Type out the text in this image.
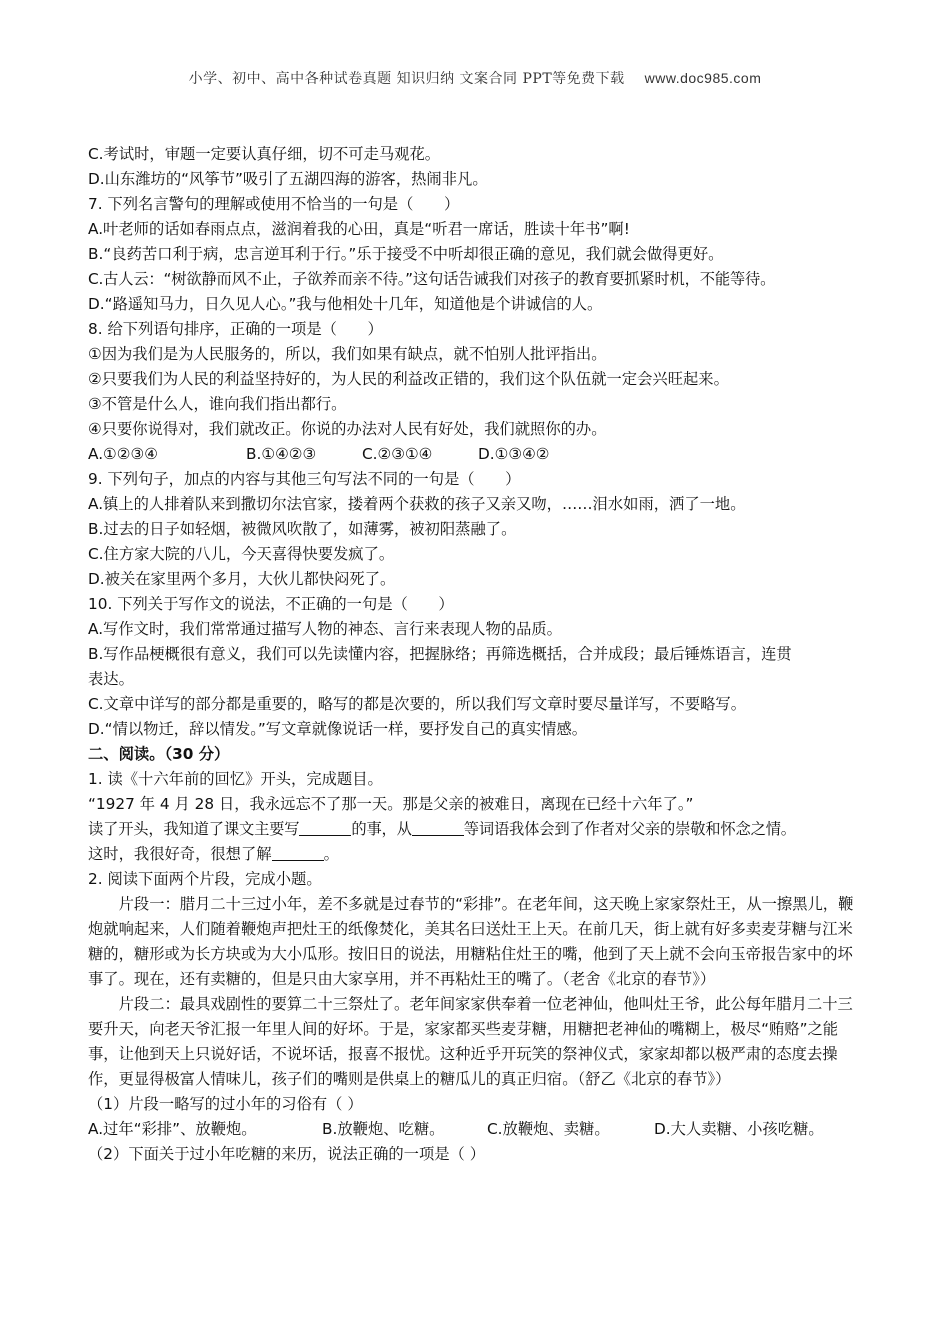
小学、初中、高中各种试卷真题 知识归纳 文案合同 PPT等免费下载 www.doc985.com
C.考试时，审题一定要认真仔细，切不可走马观花。
D.山东潍坊的“风筝节”吸引了五湖四海的游客，热闹非凡。
7. 下列名言警句的理解或使用不恰当的一句是（　　）
A.叶老师的话如春雨点点，滋润着我的心田，真是“听君一席话，胜读十年书”啊!
B.“良药苦口利于病，忠言逆耳利于行。”乐于接受不中听却很正确的意见，我们就会做得更好。
C.古人云：“树欲静而风不止，子欲养而亲不待。”这句话告诫我们对孩子的教育要抓紧时机，不能等待。
D.“路遥知马力，日久见人心。”我与他相处十几年，知道他是个讲诚信的人。
8. 给下列语句排序，正确的一项是（　　）
①因为我们是为人民服务的，所以，我们如果有缺点，就不怕别人批评指出。
②只要我们为人民的利益坚持好的，为人民的利益改正错的，我们这个队伍就一定会兴旺起来。
③不管是什么人，谁向我们指出都行。
④只要你说得对，我们就改正。你说的办法对人民有好处，我们就照你的办。
A.①②③④	B.①④②③	C.②③①④	D.①③④②
9. 下列句子，加点的内容与其他三句写法不同的一句是（　　）
A.镇上的人排着队来到撒切尔法官家，搂着两个获救的孩子又亲又吻，……泪水如雨，洒了一地。
B.过去的日子如轻烟，被微风吹散了，如薄雾，被初阳蒸融了。
C.住方家大院的八儿，今天喜得快要发疯了。
D.被关在家里两个多月，大伙儿都快闷死了。
10. 下列关于写作文的说法，不正确的一句是（　　）
A.写作文时，我们常常通过描写人物的神态、言行来表现人物的品质。
B.写作品梗概很有意义，我们可以先读懂内容，把握脉络；再筛选概括，合并成段；最后锤炼语言，连贯
表达。
C.文章中详写的部分都是重要的，略写的都是次要的，所以我们写文章时要尽量详写，不要略写。
D.“情以物迁，辞以情发。”写文章就像说话一样，要抒发自己的真实情感。
二、阅读。（30 分）
1. 读《十六年前的回忆》开头，完成题目。
“1927 年 4 月 28 日，我永远忘不了那一天。那是父亲的被难日，离现在已经十六年了。”
读了开头，我知道了课文主要写	的事，从	等词语我体会到了作者对父亲的崇敬和怀念之情。
这时，我很好奇，很想了解	。
2. 阅读下面两个片段，完成小题。
片段一：腊月二十三过小年，差不多就是过春节的“彩排”。在老年间，这天晚上家家祭灶王，从一擦黑儿，鞭炮就响起来，人们随着鞭炮声把灶王的纸像焚化，美其名曰送灶王上天。在前几天，街上就有好多卖麦芽糖与江米糖的，糖形或为长方块或为大小瓜形。按旧日的说法，用糖粘住灶王的嘴，他到了天上就不会向玉帝报告家中的坏事了。现在，还有卖糖的，但是只由大家享用，并不再粘灶王的嘴了。（老舍《北京的春节》）
片段二：最具戏剧性的要算二十三祭灶了。老年间家家供奉着一位老神仙，他叫灶王爷，此公每年腊月二十三要升天，向老天爷汇报一年里人间的好坏。于是，家家都买些麦芽糖，用糖把老神仙的嘴糊上，极尽“贿赂”之能事，让他到天上只说好话，不说坏话，报喜不报忧。这种近乎开玩笑的祭神仪式，家家却都以极严肃的态度去操作，更显得极富人情味儿，孩子们的嘴则是供桌上的糖瓜儿的真正归宿。（舒乙《北京的春节》）
（1）片段一略写的过小年的习俗有（ ）
A.过年“彩排”、放鞭炮。	B.放鞭炮、吃糖。	C.放鞭炮、卖糖。	D.大人卖糖、小孩吃糖。
（2）下面关于过小年吃糖的来历，说法正确的一项是（ ）
